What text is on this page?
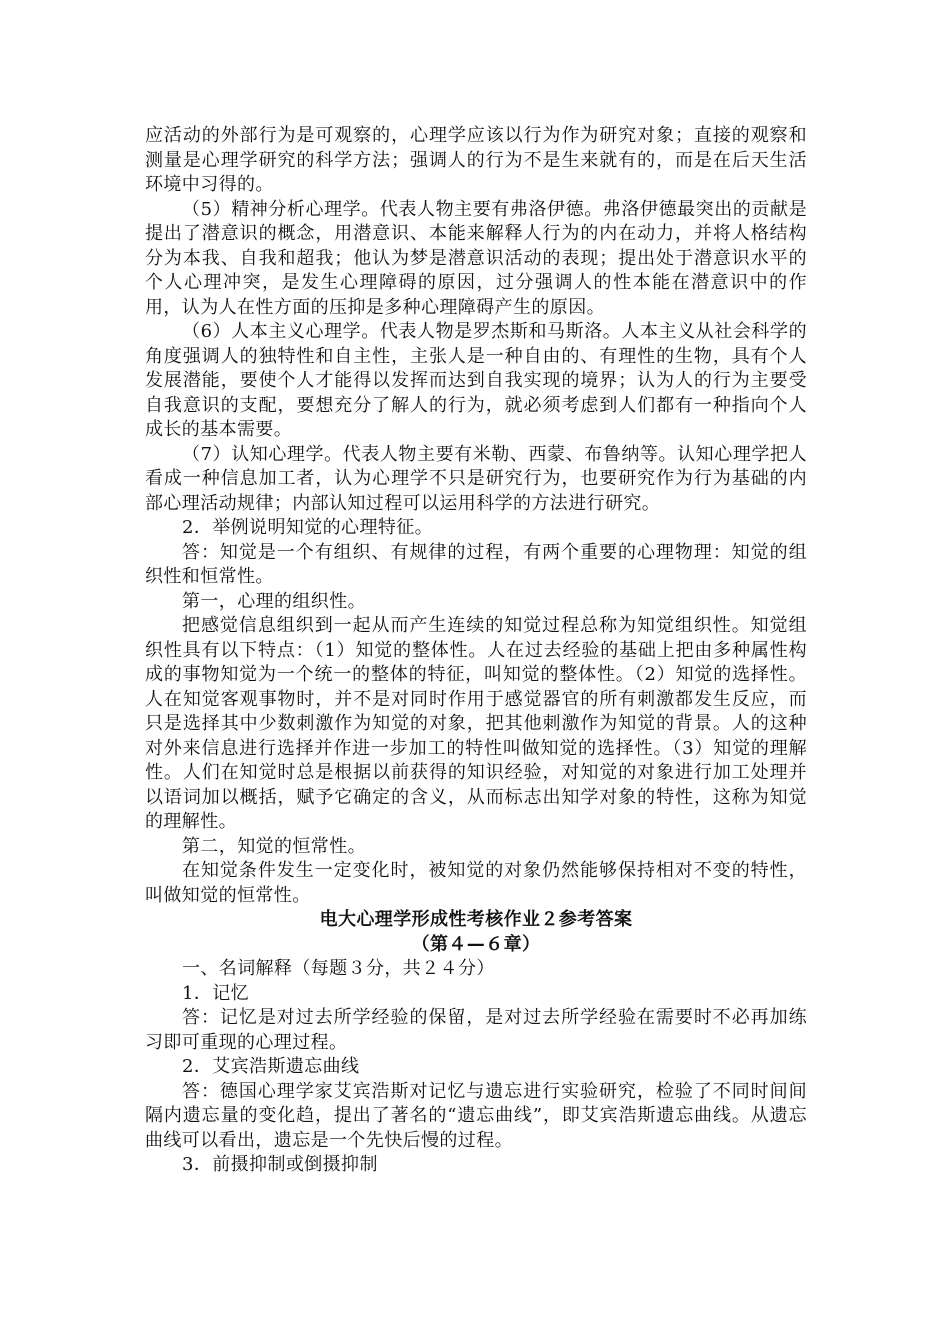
应活动的外部行为是可观察的，心理学应该以行为作为研究对象；直接的观察和测量是心理学研究的科学方法；强调人的行为不是生来就有的，而是在后天生活环境中习得的。

（5）精神分析心理学。代表人物主要有弗洛伊德。弗洛伊德最突出的贡献是提出了潜意识的概念，用潜意识、本能来解释人行为的内在动力，并将人格结构分为本我、自我和超我；他认为梦是潜意识活动的表现；提出处于潜意识水平的个人心理冲突，是发生心理障碍的原因，过分强调人的性本能在潜意识中的作用，认为人在性方面的压抑是多种心理障碍产生的原因。

（6）人本主义心理学。代表人物是罗杰斯和马斯洛。人本主义从社会科学的角度强调人的独特性和自主性，主张人是一种自由的、有理性的生物，具有个人发展潜能，要使个人才能得以发挥而达到自我实现的境界；认为人的行为主要受自我意识的支配，要想充分了解人的行为，就必须考虑到人们都有一种指向个人成长的基本需要。

（7）认知心理学。代表人物主要有米勒、西蒙、布鲁纳等。认知心理学把人看成一种信息加工者，认为心理学不只是研究行为，也要研究作为行为基础的内部心理活动规律；内部认知过程可以运用科学的方法进行研究。

2．举例说明知觉的心理特征。

答：知觉是一个有组织、有规律的过程，有两个重要的心理物理：知觉的组织性和恒常性。

第一，心理的组织性。

把感觉信息组织到一起从而产生连续的知觉过程总称为知觉组织性。知觉组织性具有以下特点：（1）知觉的整体性。人在过去经验的基础上把由多种属性构成的事物知觉为一个统一的整体的特征，叫知觉的整体性。（2）知觉的选择性。人在知觉客观事物时，并不是对同时作用于感觉器官的所有刺激都发生反应，而只是选择其中少数刺激作为知觉的对象，把其他刺激作为知觉的背景。人的这种对外来信息进行选择并作进一步加工的特性叫做知觉的选择性。（3）知觉的理解性。人们在知觉时总是根据以前获得的知识经验，对知觉的对象进行加工处理并以语词加以概括，赋予它确定的含义，从而标志出知学对象的特性，这称为知觉的理解性。

第二，知觉的恒常性。

在知觉条件发生一定变化时，被知觉的对象仍然能够保持相对不变的特性，叫做知觉的恒常性。

电大心理学形成性考核作业２参考答案

（第４—６章）

一、名词解释（每题３分，共２４分）

1．记忆

答：记忆是对过去所学经验的保留，是对过去所学经验在需要时不必再加练习即可重现的心理过程。

2．艾宾浩斯遗忘曲线

答：德国心理学家艾宾浩斯对记忆与遗忘进行实验研究，检验了不同时间间隔内遗忘量的变化趋，提出了著名的“遗忘曲线”，即艾宾浩斯遗忘曲线。从遗忘曲线可以看出，遗忘是一个先快后慢的过程。

3．前摄抑制或倒摄抑制
